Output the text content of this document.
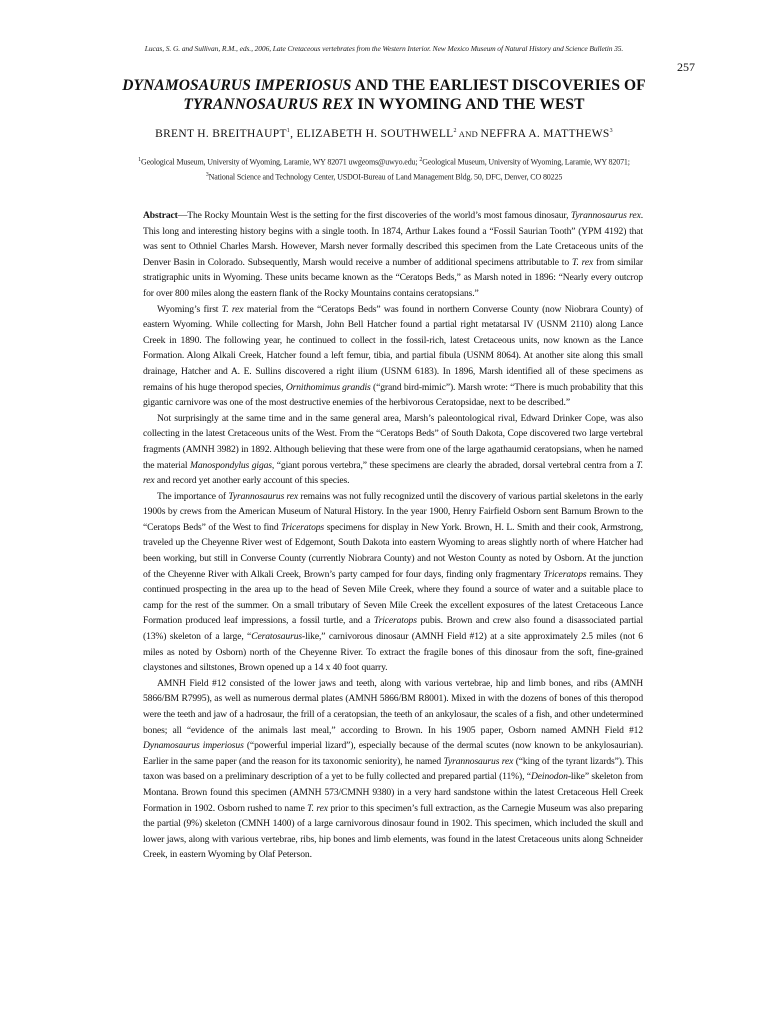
Lucas, S. G. and Sullivan, R.M., eds., 2006, Late Cretaceous vertebrates from the Western Interior. New Mexico Museum of Natural History and Science Bulletin 35.
257
DYNAMOSAURUS IMPERIOSUS AND THE EARLIEST DISCOVERIES OF
TYRANNOSAURUS REX IN WYOMING AND THE WEST
BRENT H. BREITHAUPT$^1$, ELIZABETH H. SOUTHWELL$^2$ AND NEFFRA A. MATTHEWS$^3$
$^1$Geological Museum, University of Wyoming, Laramie, WY 82071 uwgeoms@uwyo.edu; $^2$Geological Museum, University of Wyoming, Laramie, WY 82071;
$^3$National Science and Technology Center, USDOI-Bureau of Land Management Bldg. 50, DFC, Denver, CO 80225

Abstract—The Rocky Mountain West is the setting for the first discoveries of the world’s most famous dinosaur, Tyrannosaurus rex. This long and interesting history begins with a single tooth. In 1874, Arthur Lakes found a “Fossil Saurian Tooth” (YPM 4192) that was sent to Othniel Charles Marsh. However, Marsh never formally described this specimen from the Late Cretaceous units of the Denver Basin in Colorado. Subsequently, Marsh would receive a number of additional specimens attributable to T. rex from similar stratigraphic units in Wyoming. These units became known as the “Ceratops Beds,” as Marsh noted in 1896: “Nearly every outcrop for over 800 miles along the eastern flank of the Rocky Mountains contains ceratopsians.”

Wyoming’s first T. rex material from the “Ceratops Beds” was found in northern Converse County (now Niobrara County) of eastern Wyoming. While collecting for Marsh, John Bell Hatcher found a partial right metatarsal IV (USNM 2110) along Lance Creek in 1890. The following year, he continued to collect in the fossil-rich, latest Cretaceous units, now known as the Lance Formation. Along Alkali Creek, Hatcher found a left femur, tibia, and partial fibula (USNM 8064). At another site along this small drainage, Hatcher and A. E. Sullins discovered a right ilium (USNM 6183). In 1896, Marsh identified all of these specimens as remains of his huge theropod species, Ornithomimus grandis (“grand bird-mimic”). Marsh wrote: “There is much probability that this gigantic carnivore was one of the most destructive enemies of the herbivorous Ceratopsidae, next to be described.”

Not surprisingly at the same time and in the same general area, Marsh’s paleontological rival, Edward Drinker Cope, was also collecting in the latest Cretaceous units of the West. From the “Ceratops Beds” of South Dakota, Cope discovered two large vertebral fragments (AMNH 3982) in 1892. Although believing that these were from one of the large agathaumid ceratopsians, when he named the material Manospondylus gigas, “giant porous vertebra,” these specimens are clearly the abraded, dorsal vertebral centra from a T. rex and record yet another early account of this species.

The importance of Tyrannosaurus rex remains was not fully recognized until the discovery of various partial skeletons in the early 1900s by crews from the American Museum of Natural History. In the year 1900, Henry Fairfield Osborn sent Barnum Brown to the “Ceratops Beds” of the West to find Triceratops specimens for display in New York. Brown, H. L. Smith and their cook, Armstrong, traveled up the Cheyenne River west of Edgemont, South Dakota into eastern Wyoming to areas slightly north of where Hatcher had been working, but still in Converse County (currently Niobrara County) and not Weston County as noted by Osborn. At the junction of the Cheyenne River with Alkali Creek, Brown’s party camped for four days, finding only fragmentary Triceratops remains. They continued prospecting in the area up to the head of Seven Mile Creek, where they found a source of water and a suitable place to camp for the rest of the summer. On a small tributary of Seven Mile Creek the excellent exposures of the latest Cretaceous Lance Formation produced leaf impressions, a fossil turtle, and a Triceratops pubis. Brown and crew also found a disassociated partial (13%) skeleton of a large, “Ceratosaurus-like,” carnivorous dinosaur (AMNH Field #12) at a site approximately 2.5 miles (not 6 miles as noted by Osborn) north of the Cheyenne River. To extract the fragile bones of this dinosaur from the soft, fine-grained claystones and siltstones, Brown opened up a 14 x 40 foot quarry.

AMNH Field #12 consisted of the lower jaws and teeth, along with various vertebrae, hip and limb bones, and ribs (AMNH 5866/BM R7995), as well as numerous dermal plates (AMNH 5866/BM R8001). Mixed in with the dozens of bones of this theropod were the teeth and jaw of a hadrosaur, the frill of a ceratopsian, the teeth of an ankylosaur, the scales of a fish, and other undetermined bones; all “evidence of the animals last meal,” according to Brown. In his 1905 paper, Osborn named AMNH Field #12 Dynamosaurus imperiosus (“powerful imperial lizard”), especially because of the dermal scutes (now known to be ankylosaurian). Earlier in the same paper (and the reason for its taxonomic seniority), he named Tyrannosaurus rex (“king of the tyrant lizards”). This taxon was based on a preliminary description of a yet to be fully collected and prepared partial (11%), “Deinodon-like” skeleton from Montana. Brown found this specimen (AMNH 573/CMNH 9380) in a very hard sandstone within the latest Cretaceous Hell Creek Formation in 1902. Osborn rushed to name T. rex prior to this specimen’s full extraction, as the Carnegie Museum was also preparing the partial (9%) skeleton (CMNH 1400) of a large carnivorous dinosaur found in 1902. This specimen, which included the skull and lower jaws, along with various vertebrae, ribs, hip bones and limb elements, was found in the latest Cretaceous units along Schneider Creek, in eastern Wyoming by Olaf Peterson.
